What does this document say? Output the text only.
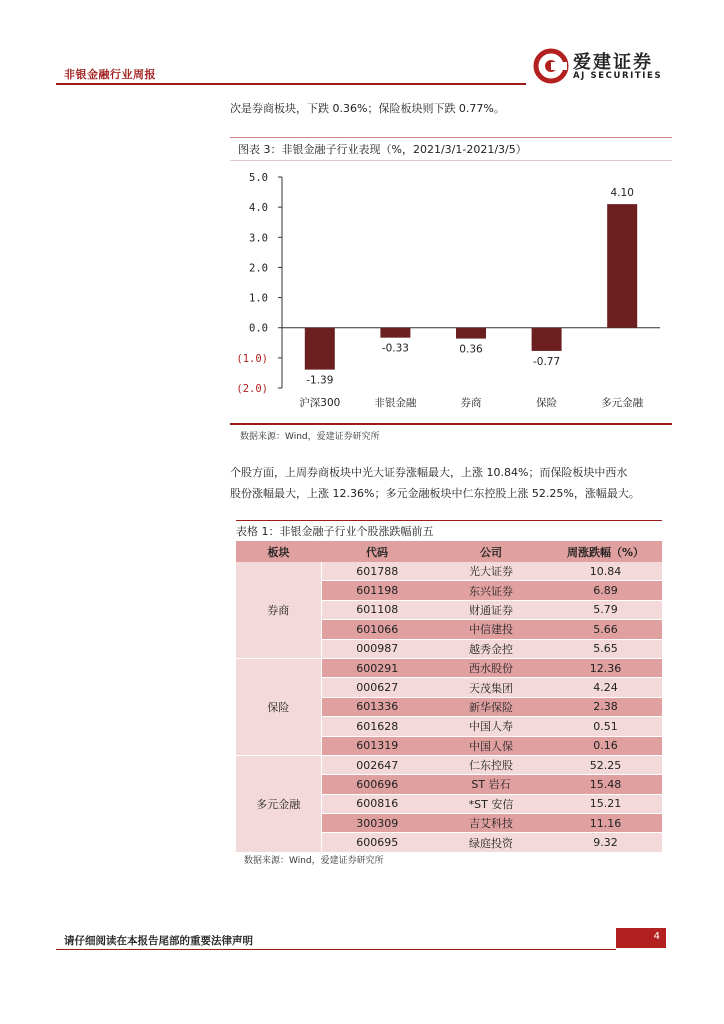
非银金融行业周报
爱建证券
AJ SECURITIES
次是券商板块，下跌 0.36%；保险板块则下跌 0.77%。
图表 3：非银金融子行业表现（%，2021/3/1-2021/3/5）
5.0
4.0
3.0
2.0
1.0
0.0
(1.0)
(2.0)
-1.39
沪深300
-0.33
非银金融
0.36
券商
-0.77
保险
4.10
多元金融
数据来源：Wind，爱建证券研究所
个股方面，上周券商板块中光大证券涨幅最大，上涨 10.84%；而保险板块中西水
股份涨幅最大，上涨 12.36%；多元金融板块中仁东控股上涨 52.25%，涨幅最大。
表格 1：非银金融子行业个股涨跌幅前五
板块	代码	公司	周涨跌幅（%）
券商	601788	光大证券	10.84
	601198	东兴证券	6.89
	601108	财通证券	5.79
	601066	中信建投	5.66
	000987	越秀金控	5.65
保险	600291	西水股份	12.36
	000627	天茂集团	4.24
	601336	新华保险	2.38
	601628	中国人寿	0.51
	601319	中国人保	0.16
多元金融	002647	仁东控股	52.25
	600696	ST 岩石	15.48
	600816	*ST 安信	15.21
	300309	吉艾科技	11.16
	600695	绿庭投资	9.32
数据来源：Wind，爱建证券研究所
请仔细阅读在本报告尾部的重要法律声明	4
